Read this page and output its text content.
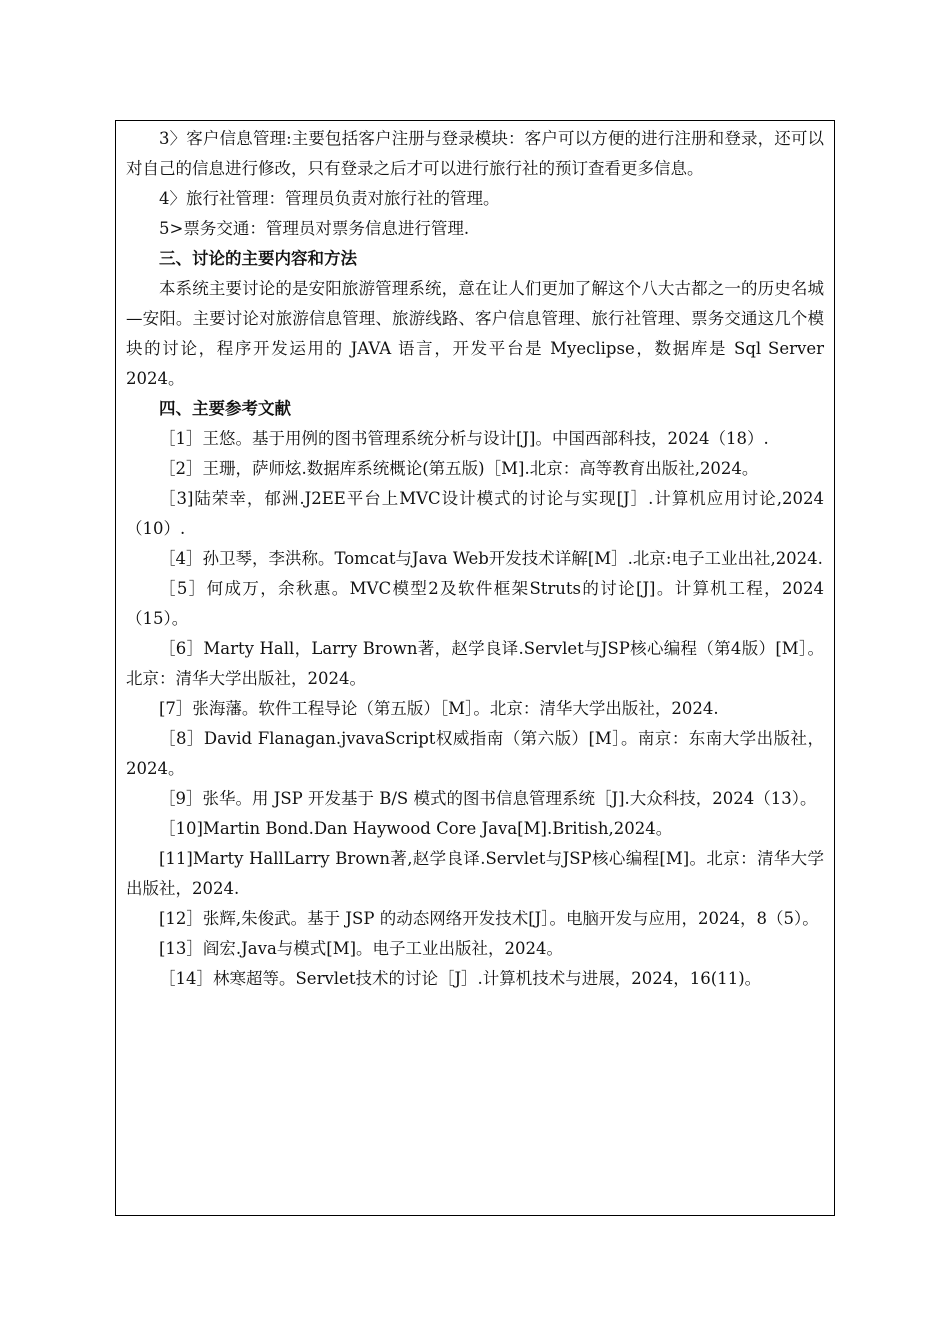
3〉客户信息管理:主要包括客户注册与登录模块：客户可以方便的进行注册和登录，还可以对自己的信息进行修改，只有登录之后才可以进行旅行社的预订查看更多信息。

4〉旅行社管理：管理员负责对旅行社的管理。

5>票务交通：管理员对票务信息进行管理.

三、讨论的主要内容和方法

本系统主要讨论的是安阳旅游管理系统，意在让人们更加了解这个八大古都之一的历史名城—安阳。主要讨论对旅游信息管理、旅游线路、客户信息管理、旅行社管理、票务交通这几个模块的讨论，程序开发运用的 JAVA 语言，开发平台是 Myeclipse，数据库是 Sql Server 2024。

四、主要参考文献

［1］王悠。基于用例的图书管理系统分析与设计[J]。中国西部科技，2024（18）.

［2］王珊，萨师炫.数据库系统概论(第五版)［M].北京：高等教育出版社,2024。

［3]陆荣幸，郁洲.J2EE平台上MVC设计模式的讨论与实现[J］.计算机应用讨论,2024（10）.

［4］孙卫琴，李洪称。Tomcat与Java Web开发技术详解[M］.北京:电子工业出社,2024.

［5］何成万，余秋惠。MVC模型2及软件框架Struts的讨论[J]。计算机工程，2024（15）。

［6］Marty Hall，Larry Brown著，赵学良译.Servlet与JSP核心编程（第4版）[M］。 北京：清华大学出版社，2024。

[7］张海藩。软件工程导论（第五版）［M］。北京：清华大学出版社，2024.

［8］David Flanagan.jvavaScript权威指南（第六版）[M］。南京：东南大学出版社，2024。

［9］张华。用 JSP 开发基于 B/S 模式的图书信息管理系统［J].大众科技，2024（13）。

［10]Martin Bond.Dan Haywood Core Java[M].British,2024。

[11]Marty HallLarry Brown著,赵学良译.Servlet与JSP核心编程[M]。北京：清华大学出版社，2024.

[12］张辉,朱俊武。基于 JSP 的动态网络开发技术[J］。电脑开发与应用，2024，8（5）。

[13］阎宏.Java与模式[M]。电子工业出版社，2024。

［14］林寒超等。Servlet技术的讨论［J］.计算机技术与进展，2024，16(11)。
